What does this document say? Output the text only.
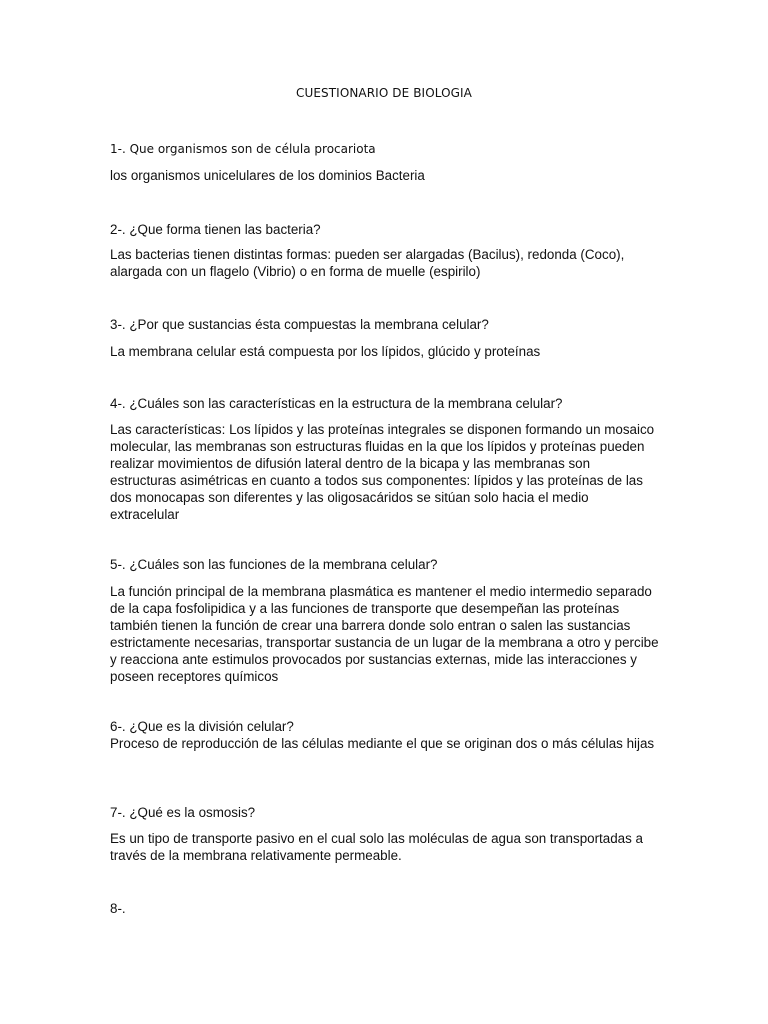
CUESTIONARIO DE BIOLOGIA

1-. Que organismos son de célula procariota

los organismos unicelulares de los dominios Bacteria

2-. ¿Que forma tienen las bacteria?

Las bacterias tienen distintas formas: pueden ser alargadas (Bacilus), redonda (Coco), alargada con un flagelo (Vibrio) o en forma de muelle (espirilo)

3-. ¿Por que sustancias ésta compuestas la membrana celular?

La membrana celular está compuesta por los lípidos, glúcido y proteínas

4-. ¿Cuáles son las características en la estructura de la membrana celular?

Las características: Los lípidos y las proteínas integrales se disponen formando un mosaico molecular, las membranas son estructuras fluidas en la que los lípidos y proteínas pueden realizar movimientos de difusión lateral dentro de la bicapa y las membranas son estructuras asimétricas en cuanto a todos sus componentes: lípidos y las proteínas de las dos monocapas son diferentes y las oligosacáridos se sitúan solo hacia el medio extracelular

5-. ¿Cuáles son las funciones de la membrana celular?

La función principal de la membrana plasmática es mantener el medio intermedio separado de la capa fosfolipidica y a las funciones de transporte que desempeñan las proteínas también tienen la función de crear una barrera donde solo entran o salen las sustancias estrictamente necesarias, transportar sustancia de un lugar de la membrana a otro y percibe y reacciona ante estimulos provocados por sustancias externas, mide las interacciones y poseen receptores químicos

6-. ¿Que es la división celular?

Proceso de reproducción de las células mediante el que se originan dos o más células hijas

7-. ¿Qué es la osmosis?

Es un tipo de transporte pasivo en el cual solo las moléculas de agua son transportadas a través de la membrana relativamente permeable.

8-.
